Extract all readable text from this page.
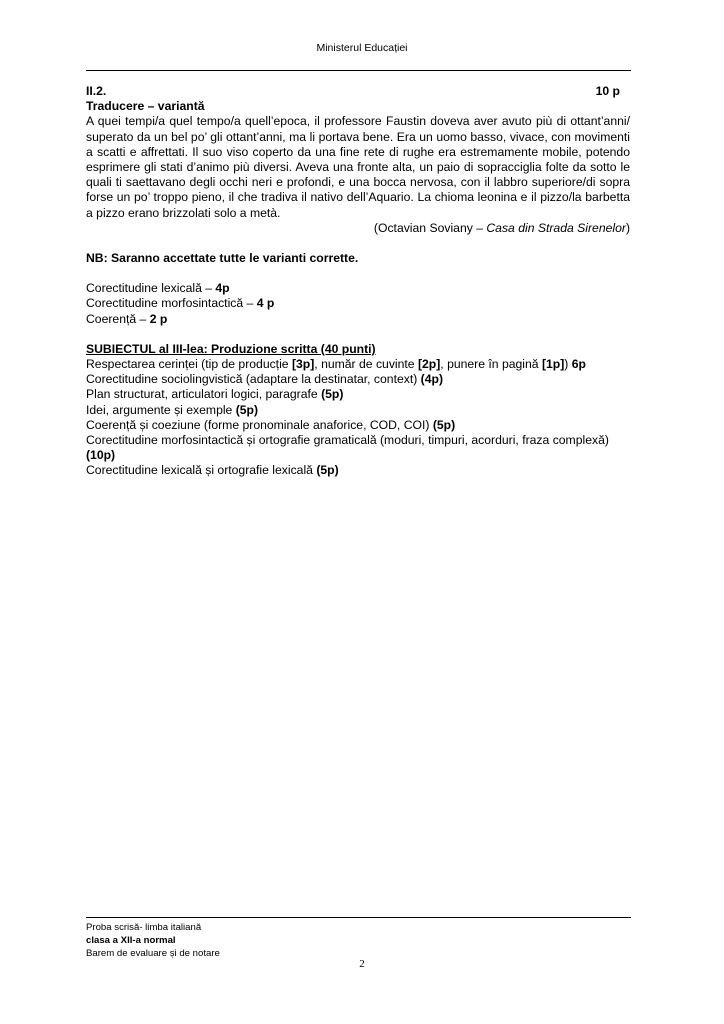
Ministerul Educației
II.2.	10 p
Traducere – variantă
A quei tempi/a quel tempo/a quell’epoca, il professore Faustin doveva aver avuto più di ottant’anni/ superato da un bel po’ gli ottant’anni, ma li portava bene. Era un uomo basso, vivace, con movimenti a scatti e affrettati. Il suo viso coperto da una fine rete di rughe era estremamente mobile, potendo esprimere gli stati d’animo più diversi. Aveva una fronte alta, un paio di sopracciglia folte da sotto le quali ti saettavano degli occhi neri e profondi, e una bocca nervosa, con il labbro superiore/di sopra forse un po’ troppo pieno, il che tradiva il nativo dell’Aquario. La chioma leonina e il pizzo/la barbetta a pizzo erano brizzolati solo a metà.
(Octavian Soviany – Casa din Strada Sirenelor)
NB: Saranno accettate tutte le varianti corrette.
Corectitudine lexicală – 4p
Corectitudine morfosintactică – 4 p
Coerență – 2 p
SUBIECTUL al III-lea: Produzione scritta (40 punti)
Respectarea cerinței (tip de producție [3p], număr de cuvinte [2p], punere în pagină [1p]) 6p
Corectitudine sociolingvistică (adaptare la destinatar, context) (4p)
Plan structurat, articulatori logici, paragrafe (5p)
Idei, argumente și exemple (5p)
Coerență și coeziune (forme pronominale anaforice, COD, COI) (5p)
Corectitudine morfosintactică și ortografie gramaticală (moduri, timpuri, acorduri, fraza complexă) (10p)
Corectitudine lexicală și ortografie lexicală (5p)
Proba scrisă- limba italiană
clasa a XII-a normal
Barem de evaluare și de notare
2
